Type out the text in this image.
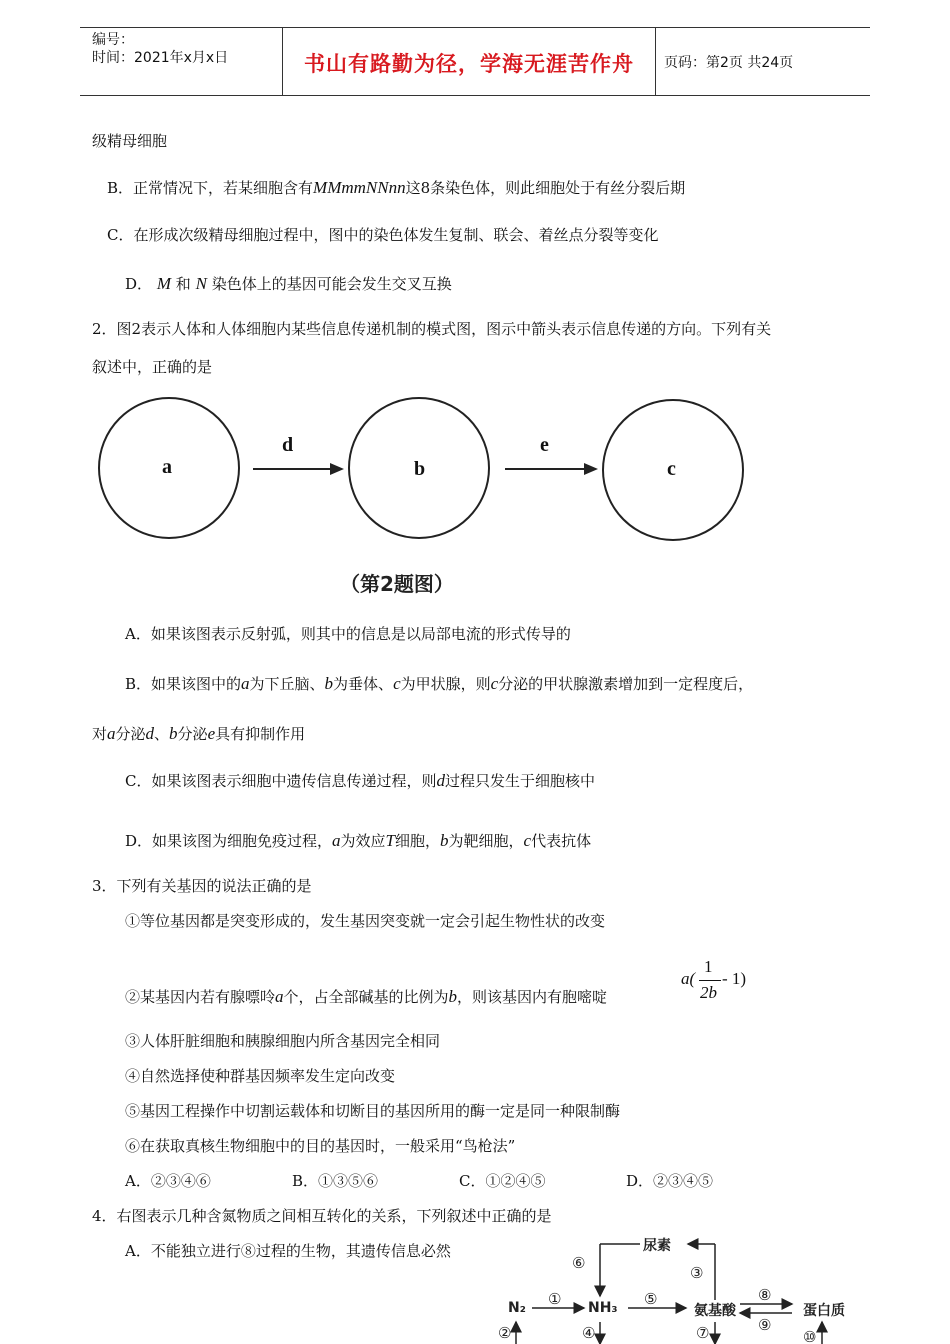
编号：
时间：2021年x月x日	书山有路勤为径，学海无涯苦作舟	页码：第2页 共24页
级精母细胞
B．正常情况下，若某细胞含有MMmmNNnn这8条染色体，则此细胞处于有丝分裂后期
C．在形成次级精母细胞过程中，图中的染色体发生复制、联会、着丝点分裂等变化
D． M 和 N 染色体上的基因可能会发生交叉互换
2．图2表示人体和人体细胞内某些信息传递机制的模式图，图示中箭头表示信息传递的方向。下列有关
叙述中，正确的是
a
d
b
e
c
（第2题图）
A．如果该图表示反射弧，则其中的信息是以局部电流的形式传导的
B．如果该图中的a为下丘脑、b为垂体、c为甲状腺，则c分泌的甲状腺激素增加到一定程度后，
对a分泌d、b分泌e具有抑制作用
C．如果该图表示细胞中遗传信息传递过程，则d过程只发生于细胞核中
D．如果该图为细胞免疫过程，a为效应T细胞，b为靶细胞，c代表抗体
3．下列有关基因的说法正确的是
①等位基因都是突变形成的，发生基因突变就一定会引起生物性状的改变
②某基因内若有腺嘌呤a个，占全部碱基的比例为b，则该基因内有胞嘧啶
a(
1
2b
- 1)
③人体肝脏细胞和胰腺细胞内所含基因完全相同
④自然选择使种群基因频率发生定向改变
⑤基因工程操作中切割运载体和切断目的基因所用的酶一定是同一种限制酶
⑥在获取真核生物细胞中的目的基因时，一般采用“鸟枪法”
A．②③④⑥	B．①③⑤⑥	C．①②④⑤	D．②③④⑤
4．右图表示几种含氮物质之间相互转化的关系，下列叙述中正确的是
A．不能独立进行⑧过程的生物，其遗传信息必然	尿素
N₂	NH₃	氨基酸	蛋白质
⑥
③
①	⑤	⑧
⑨
②	④	⑦	⑩
